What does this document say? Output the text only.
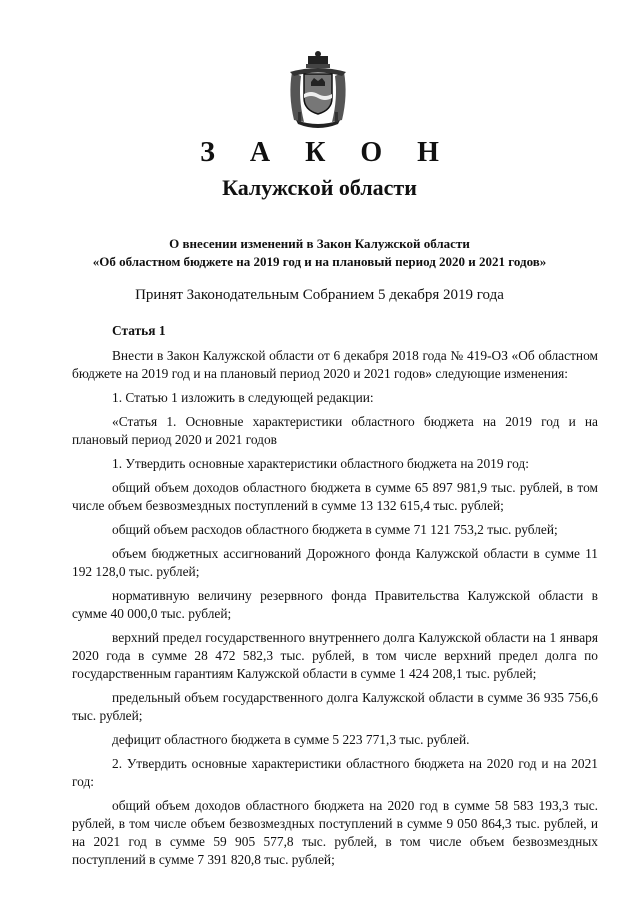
З А К О Н
Калужской области
О внесении изменений в Закон Калужской области
«Об областном бюджете на 2019 год и на плановый период 2020 и 2021 годов»
Принят Законодательным Собранием 5 декабря 2019 года

Статья 1

Внести в Закон Калужской области от 6 декабря 2018 года № 419-ОЗ «Об областном бюджете на 2019 год и на плановый период 2020 и 2021 годов» следующие изменения:

1. Статью 1 изложить в следующей редакции:

«Статья 1. Основные характеристики областного бюджета на 2019 год и на плановый период 2020 и 2021 годов

1. Утвердить основные характеристики областного бюджета на 2019 год:

общий объем доходов областного бюджета в сумме 65 897 981,9 тыс. рублей, в том числе объем безвозмездных поступлений в сумме 13 132 615,4 тыс. рублей;

общий объем расходов областного бюджета в сумме 71 121 753,2 тыс. рублей;

объем бюджетных ассигнований Дорожного фонда Калужской области в сумме 11 192 128,0 тыс. рублей;

нормативную величину резервного фонда Правительства Калужской области в сумме 40 000,0 тыс. рублей;

верхний предел государственного внутреннего долга Калужской области на 1 января 2020 года в сумме 28 472 582,3 тыс. рублей, в том числе верхний предел долга по государственным гарантиям Калужской области в сумме 1 424 208,1 тыс. рублей;

предельный объем государственного долга Калужской области в сумме 36 935 756,6 тыс. рублей;

дефицит областного бюджета в сумме 5 223 771,3 тыс. рублей.

2. Утвердить основные характеристики областного бюджета на 2020 год и на 2021 год:

общий объем доходов областного бюджета на 2020 год в сумме 58 583 193,3 тыс. рублей, в том числе объем безвозмездных поступлений в сумме 9 050 864,3 тыс. рублей, и на 2021 год в сумме 59 905 577,8 тыс. рублей, в том числе объем безвозмездных поступлений в сумме 7 391 820,8 тыс. рублей;
